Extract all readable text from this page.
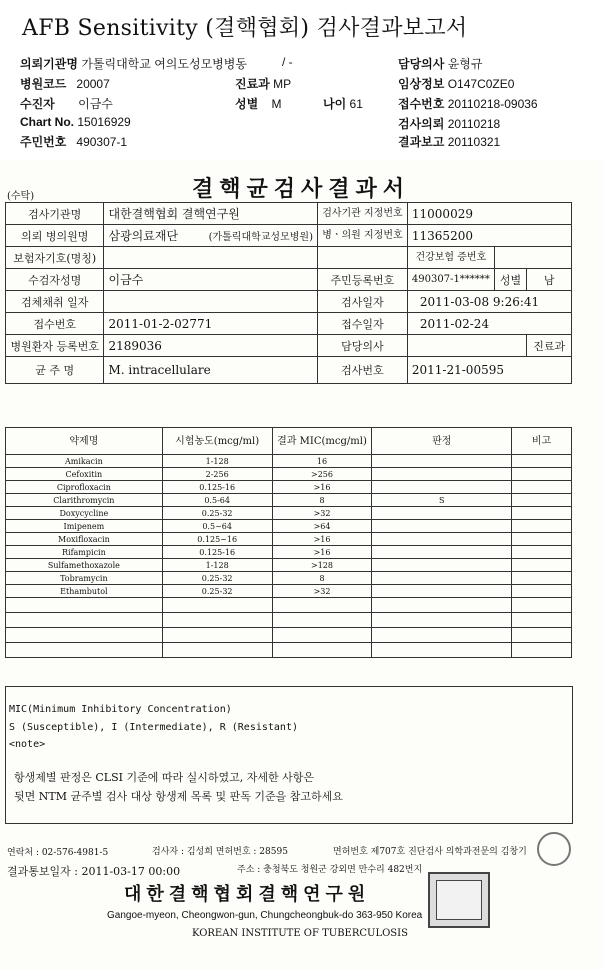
AFB Sensitivity (결핵협회) 검사결과보고서
의뢰기관명 가톨릭대학교 여의도성모병병동	/ -	담당의사 윤형규
병원코드 20007	진료과 MP	임상정보 O147C0ZE0
수진자 이금수	성별 M	나이 61	접수번호 20110218-09036
Chart No. 15016929	검사의뢰 20110218
주민번호 490307-1	결과보고 20110321
(수탁)	결핵균검사결과서
검사기관명	대한결핵협회 결핵연구원	검사기관 지정번호	11000029		
의뢰 병의원명	삼광의료재단 (가톨릭대학교성모병원)	병ㆍ의원 지정번호	11365200		
보험자기호(명칭)			건강보험 증번호		
수검자성명	이금수	주민등록번호	490307-1******	성별	남
검체채취 일자		검사일자	2011-03-08 9:26:41		
접수번호	2011-01-2-02771	접수일자	2011-02-24		
병원환자 등록번호	2189036	담당의사			진료과
균 주 명	M. intracellulare	검사번호	2011-21-00595		
약제명	시험농도(mcg/ml)	결과 MIC(mcg/ml)	판정	비고
Amikacin	1-128	16		
Cefoxitin	2-256	>256		
Ciprofloxacin	0.125-16	>16		
Clarithromycin	0.5-64	8	S	
Doxycycline	0.25-32	>32		
Imipenem	0.5~64	>64		
Moxifloxacin	0.125~16	>16		
Rifampicin	0.125-16	>16		
Sulfamethoxazole	1-128	>128		
Tobramycin	0.25-32	8		
Ethambutol	0.25-32	>32		

MIC(Minimum Inhibitory Concentration)
S (Susceptible), I (Intermediate), R (Resistant)
<note>
항생제별 판정은 CLSI 기준에 따라 실시하였고, 자세한 사항은
뒷면 NTM 균주별 검사 대상 항생제 목록 및 판독 기준을 참고하세요
연락처 : 02-576-4981-5	검사자 : 김성희 면허번호 : 28595	면허번호 제707호 진단검사 의학과전문의 김창기
결과통보일자 : 2011-03-17 00:00	주소 : 충청북도 청원군 강외면 만수리 482번지
대한결핵협회결핵연구원
Gangoe-myeon, Cheongwon-gun, Chungcheongbuk-do 363-950 Korea
KOREAN INSTITUTE OF TUBERCULOSIS
